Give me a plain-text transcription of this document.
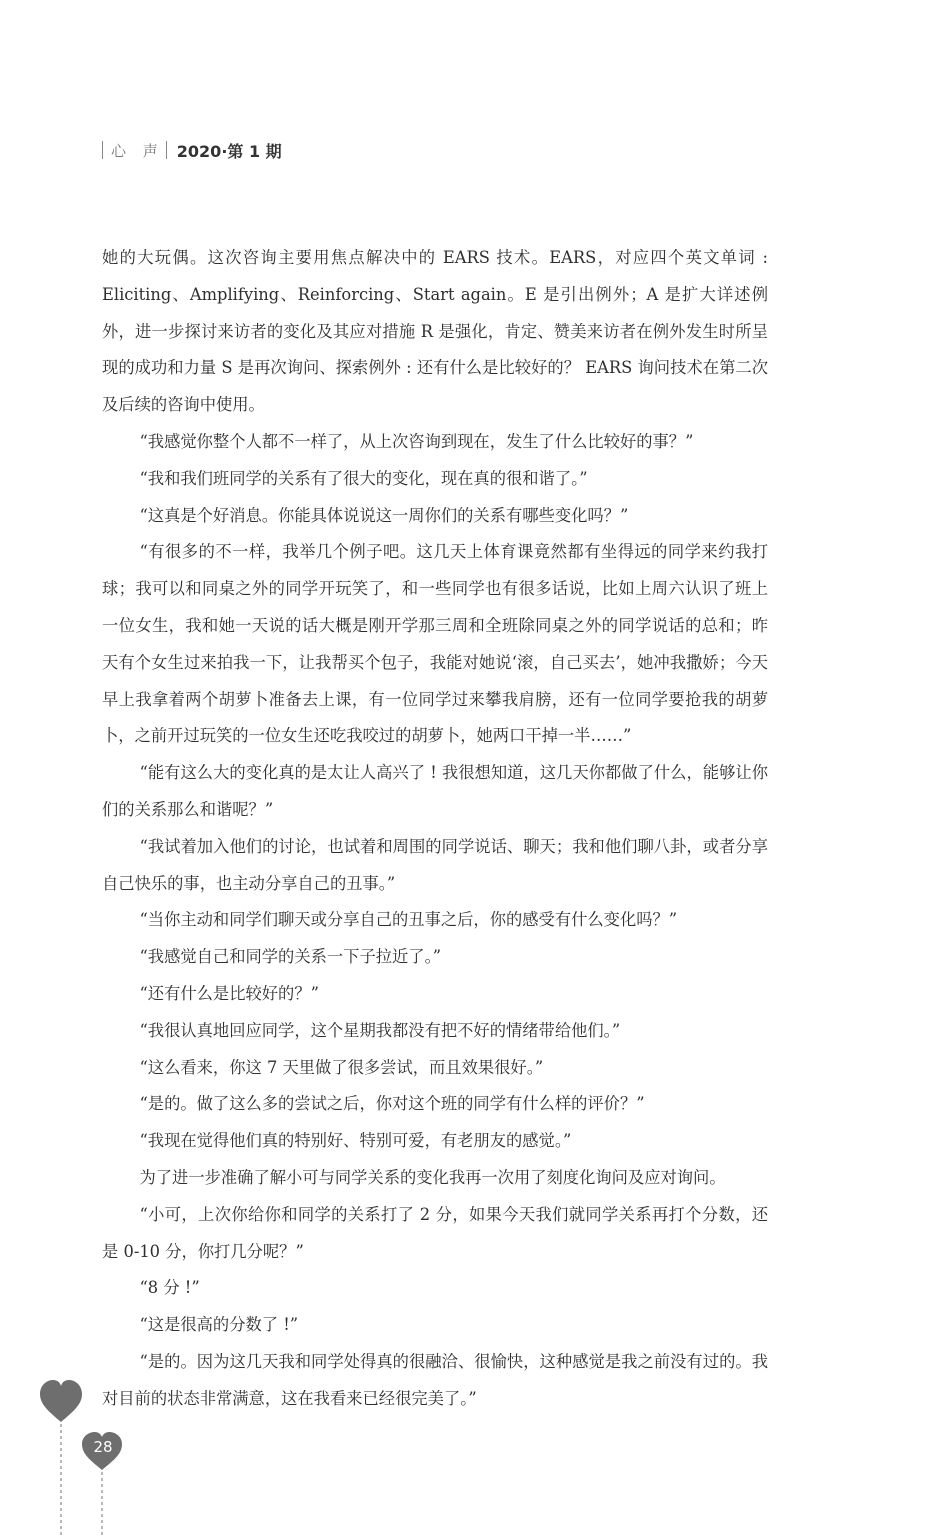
心 声 2020·第 1 期

她的大玩偶。这次咨询主要用焦点解决中的 EARS 技术。EARS，对应四个英文单词 : Eliciting、Amplifying、Reinforcing、Start again。E 是引出例外；A 是扩大详述例外，进一步探讨来访者的变化及其应对措施 R 是强化，肯定、赞美来访者在例外发生时所呈现的成功和力量 S 是再次询问、探索例外 : 还有什么是比较好的？ EARS 询问技术在第二次及后续的咨询中使用。

“我感觉你整个人都不一样了，从上次咨询到现在，发生了什么比较好的事？”

“我和我们班同学的关系有了很大的变化，现在真的很和谐了。”

“这真是个好消息。你能具体说说这一周你们的关系有哪些变化吗？”

“有很多的不一样，我举几个例子吧。这几天上体育课竟然都有坐得远的同学来约我打球；我可以和同桌之外的同学开玩笑了，和一些同学也有很多话说，比如上周六认识了班上一位女生，我和她一天说的话大概是刚开学那三周和全班除同桌之外的同学说话的总和；昨天有个女生过来拍我一下，让我帮买个包子，我能对她说‘滚，自己买去’，她冲我撒娇；今天早上我拿着两个胡萝卜准备去上课，有一位同学过来攀我肩膀，还有一位同学要抢我的胡萝卜，之前开过玩笑的一位女生还吃我咬过的胡萝卜，她两口干掉一半……”

“能有这么大的变化真的是太让人高兴了 ! 我很想知道，这几天你都做了什么，能够让你们的关系那么和谐呢？”

“我试着加入他们的讨论，也试着和周围的同学说话、聊天；我和他们聊八卦，或者分享自己快乐的事，也主动分享自己的丑事。”

“当你主动和同学们聊天或分享自己的丑事之后，你的感受有什么变化吗？”

“我感觉自己和同学的关系一下子拉近了。”

“还有什么是比较好的？”

“我很认真地回应同学，这个星期我都没有把不好的情绪带给他们。”

“这么看来，你这 7 天里做了很多尝试，而且效果很好。”

“是的。做了这么多的尝试之后，你对这个班的同学有什么样的评价？”

“我现在觉得他们真的特别好、特别可爱，有老朋友的感觉。”

为了进一步准确了解小可与同学关系的变化我再一次用了刻度化询问及应对询问。

“小可，上次你给你和同学的关系打了 2 分，如果今天我们就同学关系再打个分数，还是 0-10 分，你打几分呢？”

“8 分 !”

“这是很高的分数了 !”

“是的。因为这几天我和同学处得真的很融洽、很愉快，这种感觉是我之前没有过的。我对目前的状态非常满意，这在我看来已经很完美了。”

28
